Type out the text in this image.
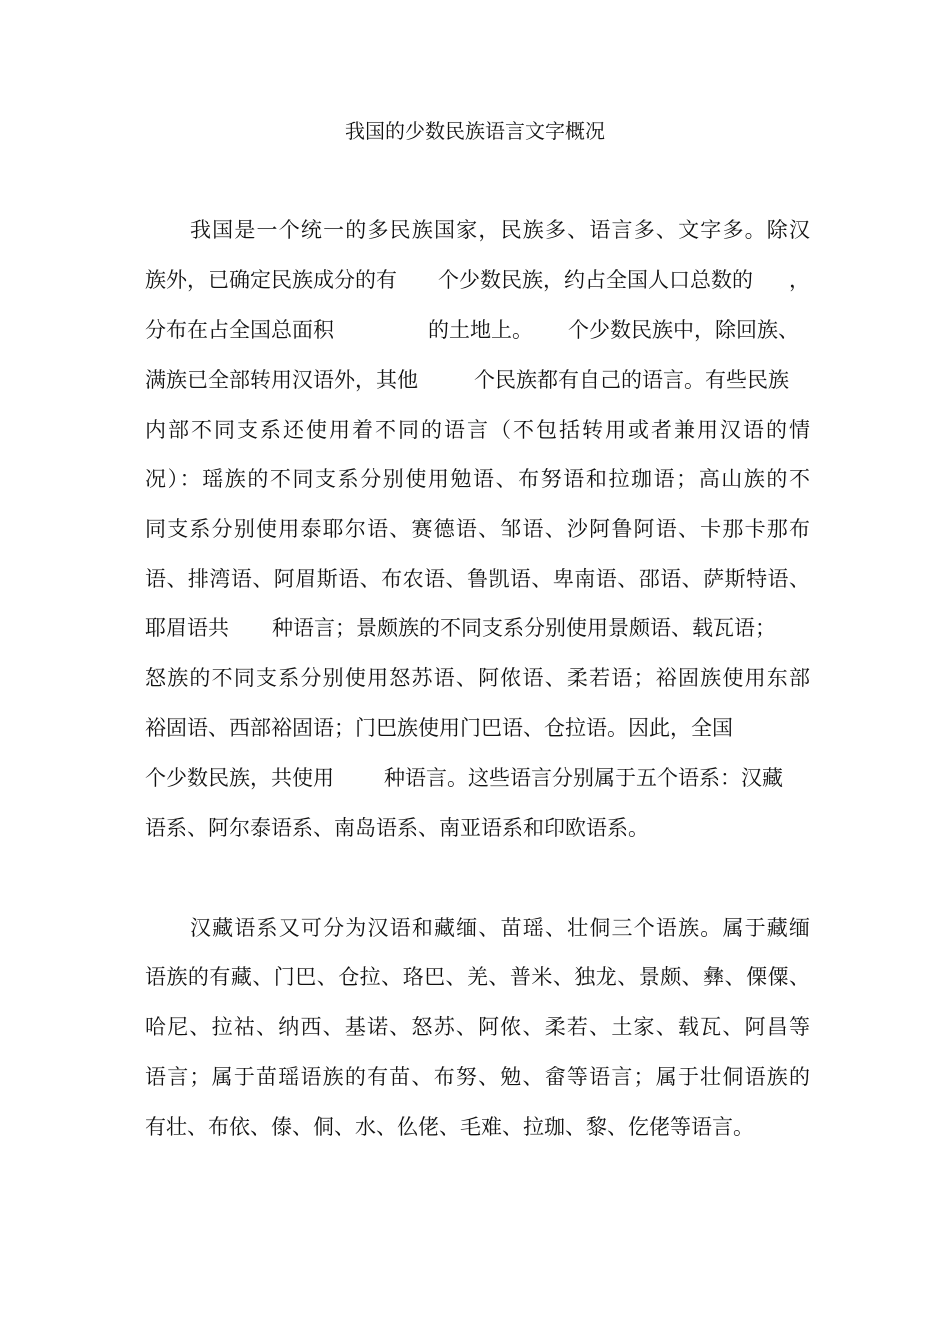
我国的少数民族语言文字概况
我国是一个统一的多民族国家，民族多、语言多、文字多。除汉
族外，已确定民族成分的有 个少数民族，约占全国人口总数的 ，
分布在占全国总面积	的土地上。 个少数民族中，除回族、
满族已全部转用汉语外，其他	个民族都有自己的语言。有些民族
内部不同支系还使用着不同的语言（不包括转用或者兼用汉语的情
况）：瑶族的不同支系分别使用勉语、布努语和拉珈语；高山族的不
同支系分别使用泰耶尔语、赛德语、邹语、沙阿鲁阿语、卡那卡那布
语、排湾语、阿眉斯语、布农语、鲁凯语、卑南语、邵语、萨斯特语、
耶眉语共 种语言；景颇族的不同支系分别使用景颇语、载瓦语；
怒族的不同支系分别使用怒苏语、阿侬语、柔若语；裕固族使用东部
裕固语、西部裕固语；门巴族使用门巴语、仓拉语。因此，全国
个少数民族，共使用 种语言。这些语言分别属于五个语系：汉藏
语系、阿尔泰语系、南岛语系、南亚语系和印欧语系。
汉藏语系又可分为汉语和藏缅、苗瑶、壮侗三个语族。属于藏缅
语族的有藏、门巴、仓拉、珞巴、羌、普米、独龙、景颇、彝、傈僳、
哈尼、拉祜、纳西、基诺、怒苏、阿侬、柔若、土家、载瓦、阿昌等
语言；属于苗瑶语族的有苗、布努、勉、畲等语言；属于壮侗语族的
有壮、布依、傣、侗、水、仫佬、毛难、拉珈、黎、仡佬等语言。
